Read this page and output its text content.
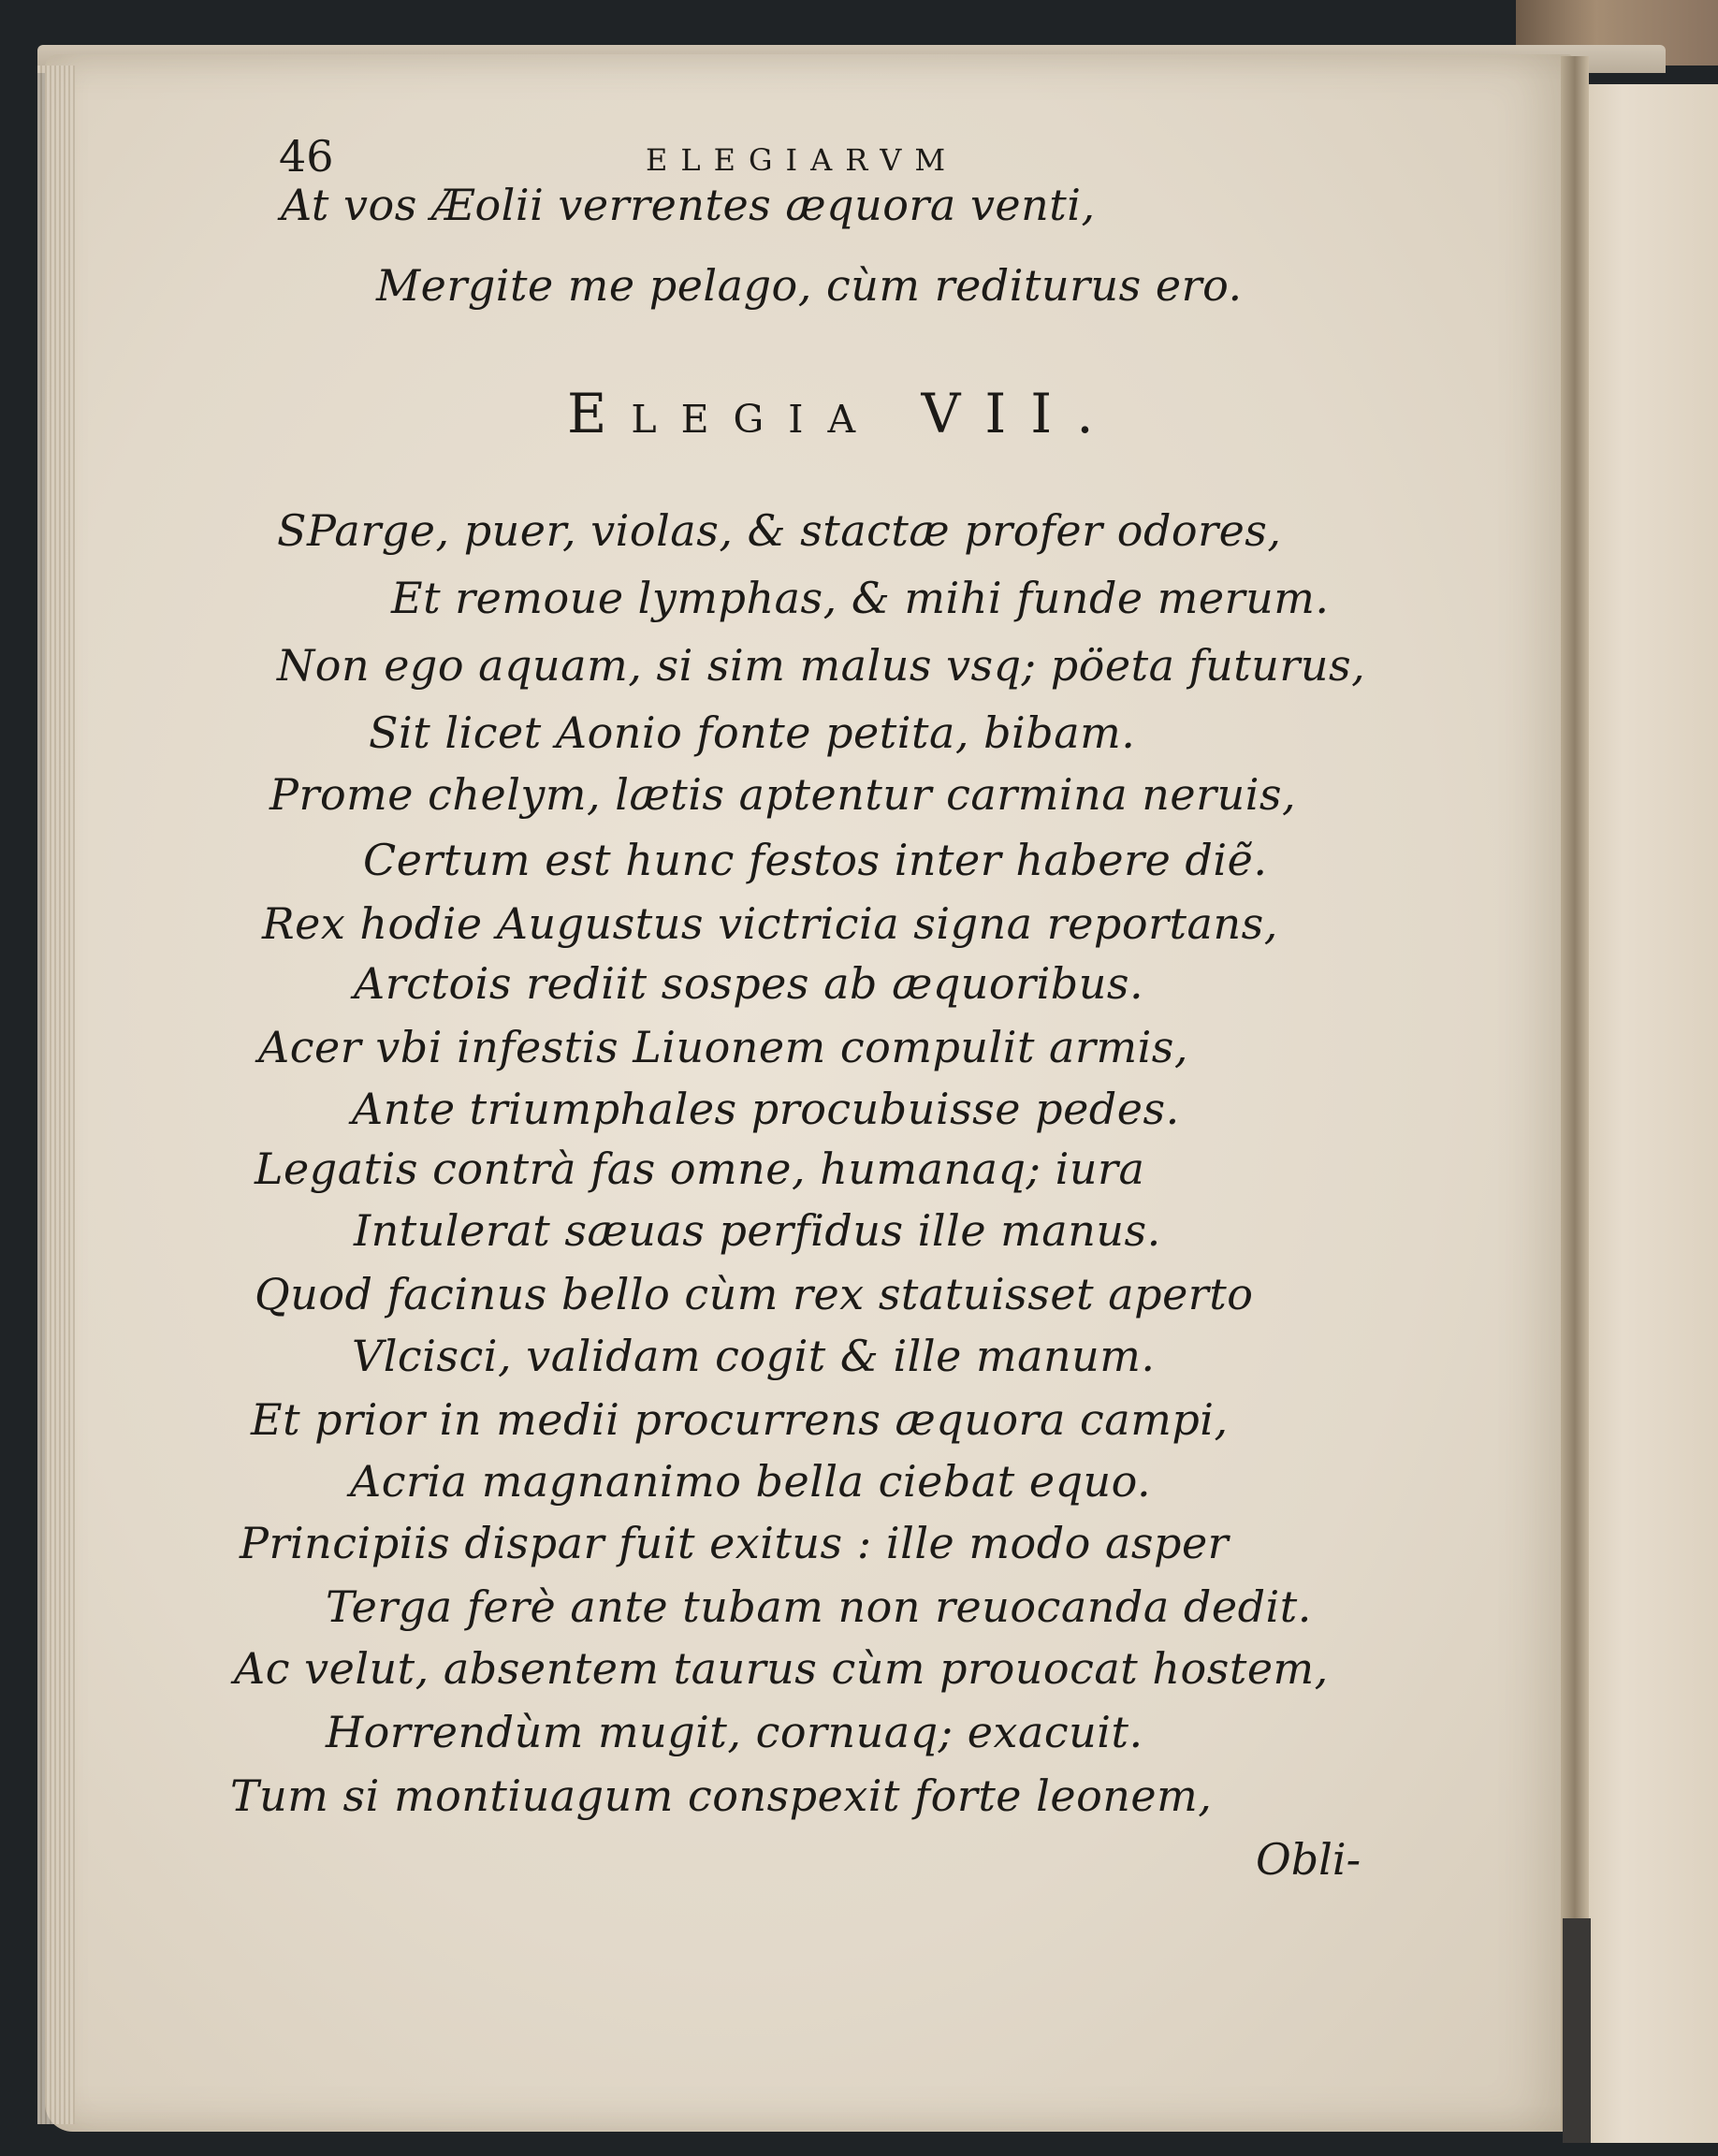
46	ELEGIARVM
At vos Æolii verrentes æquora venti,
Mergite me pelago, cùm rediturus ero.
Elegia VII.
SParge, puer, violas, & stactæ profer odores,
Et remoue lymphas, & mihi funde merum.
Non ego aquam, si sim malus vsq; pöeta futurus,
Sit licet Aonio fonte petita, bibam.
Prome chelym, lætis aptentur carmina neruis,
Certum est hunc festos inter habere diẽ.
Rex hodie Augustus victricia signa reportans,
Arctois rediit sospes ab æquoribus.
Acer vbi infestis Liuonem compulit armis,
Ante triumphales procubuisse pedes.
Legatis contrà fas omne, humanaq; iura
Intulerat sæuas perfidus ille manus.
Quod facinus bello cùm rex statuisset aperto
Vlcisci, validam cogit & ille manum.
Et prior in medii procurrens æquora campi,
Acria magnanimo bella ciebat equo.
Principiis dispar fuit exitus : ille modo asper
Terga ferè ante tubam non reuocanda dedit.
Ac velut, absentem taurus cùm prouocat hostem,
Horrendùm mugit, cornuaq; exacuit.
Tum si montiuagum conspexit forte leonem,
Obli-
